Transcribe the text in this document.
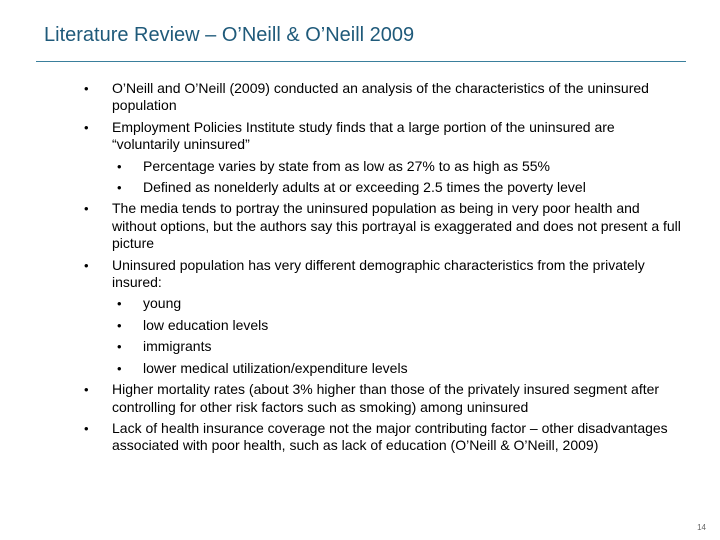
Literature Review – O’Neill & O’Neill 2009
•	O’Neill and O’Neill (2009) conducted an analysis of the characteristics of the uninsured population
•	Employment Policies Institute study finds that a large portion of the uninsured are “voluntarily uninsured”
•	Percentage varies by state from as low as 27% to as high as 55%
•	Defined as nonelderly adults at or exceeding 2.5 times the poverty level
•	The media tends to portray the uninsured population as being in very poor health and without options, but the authors say this portrayal is exaggerated and does not present a full picture
•	Uninsured population has very different demographic characteristics from the privately insured:
•	young
•	low education levels
•	immigrants
•	lower medical utilization/expenditure levels
•	Higher mortality rates (about 3% higher than those of the privately insured segment after controlling for other risk factors such as smoking) among uninsured
•	Lack of health insurance coverage not the major contributing factor – other disadvantages associated with poor health, such as lack of education (O’Neill & O’Neill, 2009)
14
